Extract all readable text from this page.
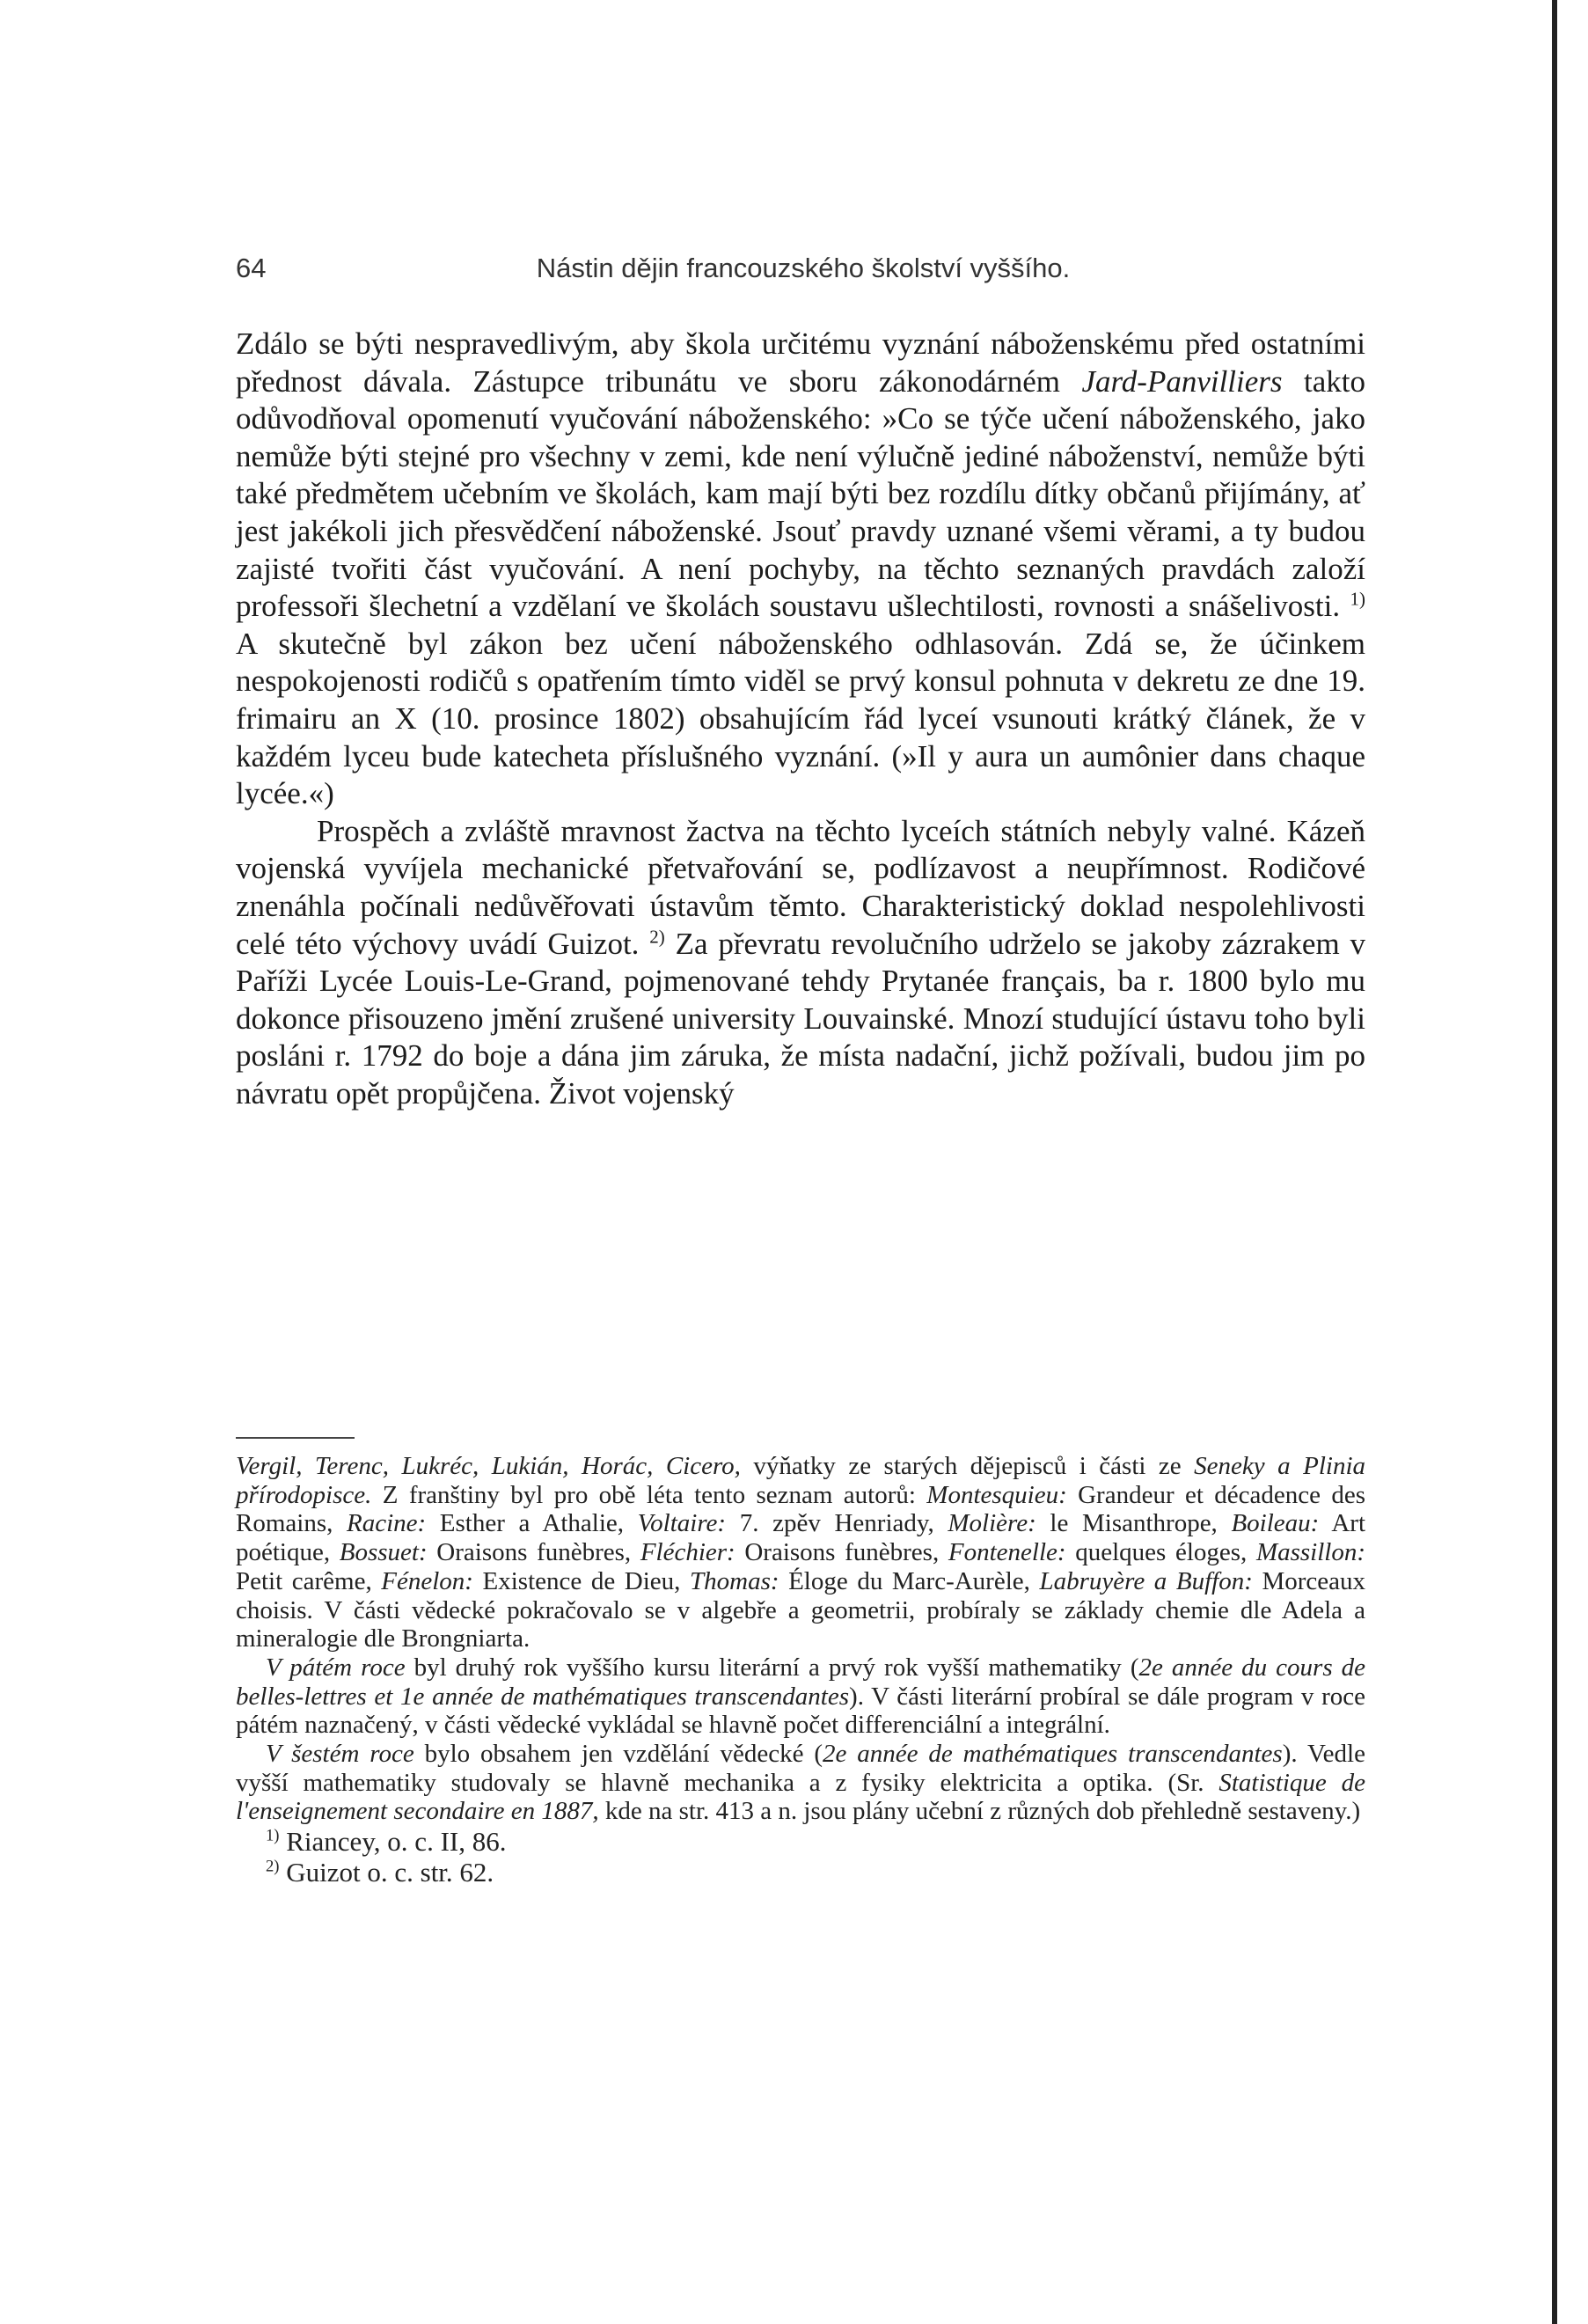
64	Nástin dějin francouzského školství vyššího.

Zdálo se býti nespravedlivým, aby škola určitému vyznání náboženskému před ostatními přednost dávala. Zástupce tribunátu ve sboru zákonodárném Jard-Panvilliers takto odůvodňoval opomenutí vyučování náboženského: »Co se týče učení náboženského, jako nemůže býti stejné pro všechny v zemi, kde není výlučně jediné náboženství, nemůže býti také předmětem učebním ve školách, kam mají býti bez rozdílu dítky občanů přijímány, ať jest jakékoli jich přesvědčení náboženské. Jsouť pravdy uznané všemi věrami, a ty budou zajisté tvořiti část vyučování. A není pochyby, na těchto seznaných pravdách založí professoři šlechetní a vzdělaní ve školách soustavu ušlechtilosti, rovnosti a snášelivosti. $^{1)}$ A skutečně byl zákon bez učení náboženského odhlasován. Zdá se, že účinkem nespokojenosti rodičů s opatřením tímto viděl se prvý konsul pohnuta v dekretu ze dne 19. frimairu an X (10. prosince 1802) obsahujícím řád lyceí vsunouti krátký článek, že v každém lyceu bude katecheta příslušného vyznání. (»Il y aura un aumônier dans chaque lycée.«)

Prospěch a zvláště mravnost žactva na těchto lyceích státních nebyly valné. Kázeň vojenská vyvíjela mechanické přetvařování se, podlízavost a neupřímnost. Rodičové znenáhla počínali nedůvěřovati ústavům těmto. Charakteristický doklad nespolehlivosti celé této výchovy uvádí Guizot. $^{2)}$ Za převratu revolučního udrželo se jakoby zázrakem v Paříži Lycée Louis-Le-Grand, pojmenované tehdy Prytanée français, ba r. 1800 bylo mu dokonce přisouzeno jmění zrušené university Louvainské. Mnozí studující ústavu toho byli posláni r. 1792 do boje a dána jim záruka, že místa nadační, jichž požívali, budou jim po návratu opět propůjčena. Život vojenský

Vergil, Terenc, Lukréc, Lukián, Horác, Cicero, výňatky ze starých dějepisců i části ze Seneky a Plinia přírodopisce. Z franštiny byl pro obě léta tento seznam autorů: Montesquieu: Grandeur et décadence des Romains, Racine: Esther a Athalie, Voltaire: 7. zpěv Henriady, Molière: le Misanthrope, Boileau: Art poétique, Bossuet: Oraisons funèbres, Fléchier: Oraisons funèbres, Fontenelle: quelques éloges, Massillon: Petit carême, Fénelon: Existence de Dieu, Thomas: Éloge du Marc-Aurèle, Labruyère a Buffon: Morceaux choisis. V části vědecké pokračovalo se v algebře a geometrii, probíraly se základy chemie dle Adela a mineralogie dle Brongniarta.

V pátém roce byl druhý rok vyššího kursu literární a prvý rok vyšší mathematiky (2e année du cours de belles-lettres et 1e année de mathématiques transcendantes). V části literární probíral se dále program v roce pátém naznačený, v části vědecké vykládal se hlavně počet differenciální a integrální.

V šestém roce bylo obsahem jen vzdělání vědecké (2e année de mathématiques transcendantes). Vedle vyšší mathematiky studovaly se hlavně mechanika a z fysiky elektricita a optika. (Sr. Statistique de l'enseignement secondaire en 1887, kde na str. 413 a n. jsou plány učební z různých dob přehledně sestaveny.)

$^{1)}$ Riancey, o. c. II, 86.

$^{2)}$ Guizot o. c. str. 62.
